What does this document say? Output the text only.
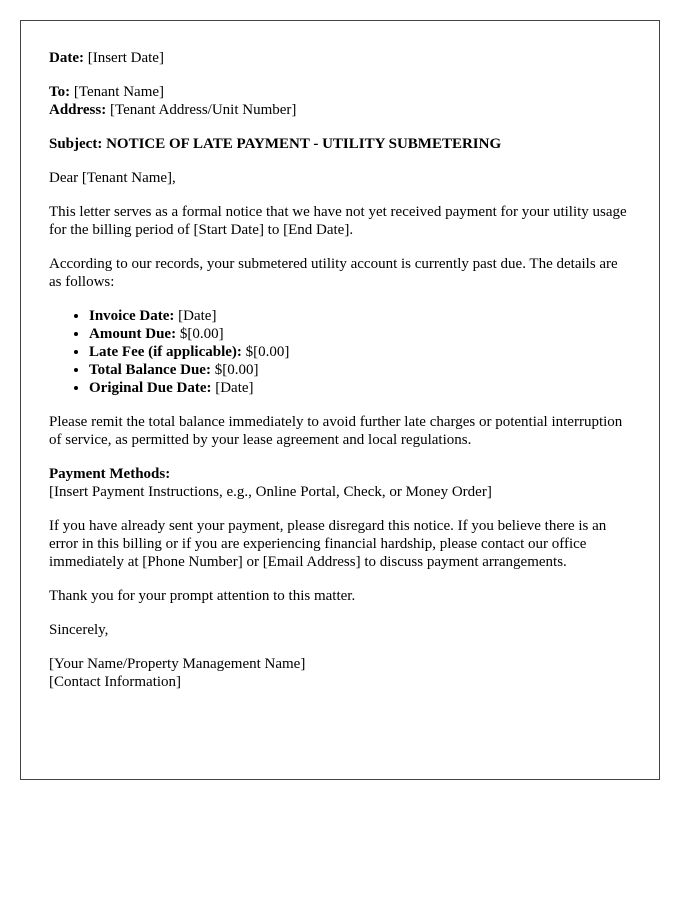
Date: [Insert Date]

To: [Tenant Name]
Address: [Tenant Address/Unit Number]

Subject: NOTICE OF LATE PAYMENT - UTILITY SUBMETERING

Dear [Tenant Name],

This letter serves as a formal notice that we have not yet received payment for your utility usage for the billing period of [Start Date] to [End Date].

According to our records, your submetered utility account is currently past due. The details are as follows:

• Invoice Date: [Date]
• Amount Due: $[0.00]
• Late Fee (if applicable): $[0.00]
• Total Balance Due: $[0.00]
• Original Due Date: [Date]

Please remit the total balance immediately to avoid further late charges or potential interruption of service, as permitted by your lease agreement and local regulations.

Payment Methods:
[Insert Payment Instructions, e.g., Online Portal, Check, or Money Order]

If you have already sent your payment, please disregard this notice. If you believe there is an error in this billing or if you are experiencing financial hardship, please contact our office immediately at [Phone Number] or [Email Address] to discuss payment arrangements.

Thank you for your prompt attention to this matter.

Sincerely,

[Your Name/Property Management Name]
[Contact Information]
